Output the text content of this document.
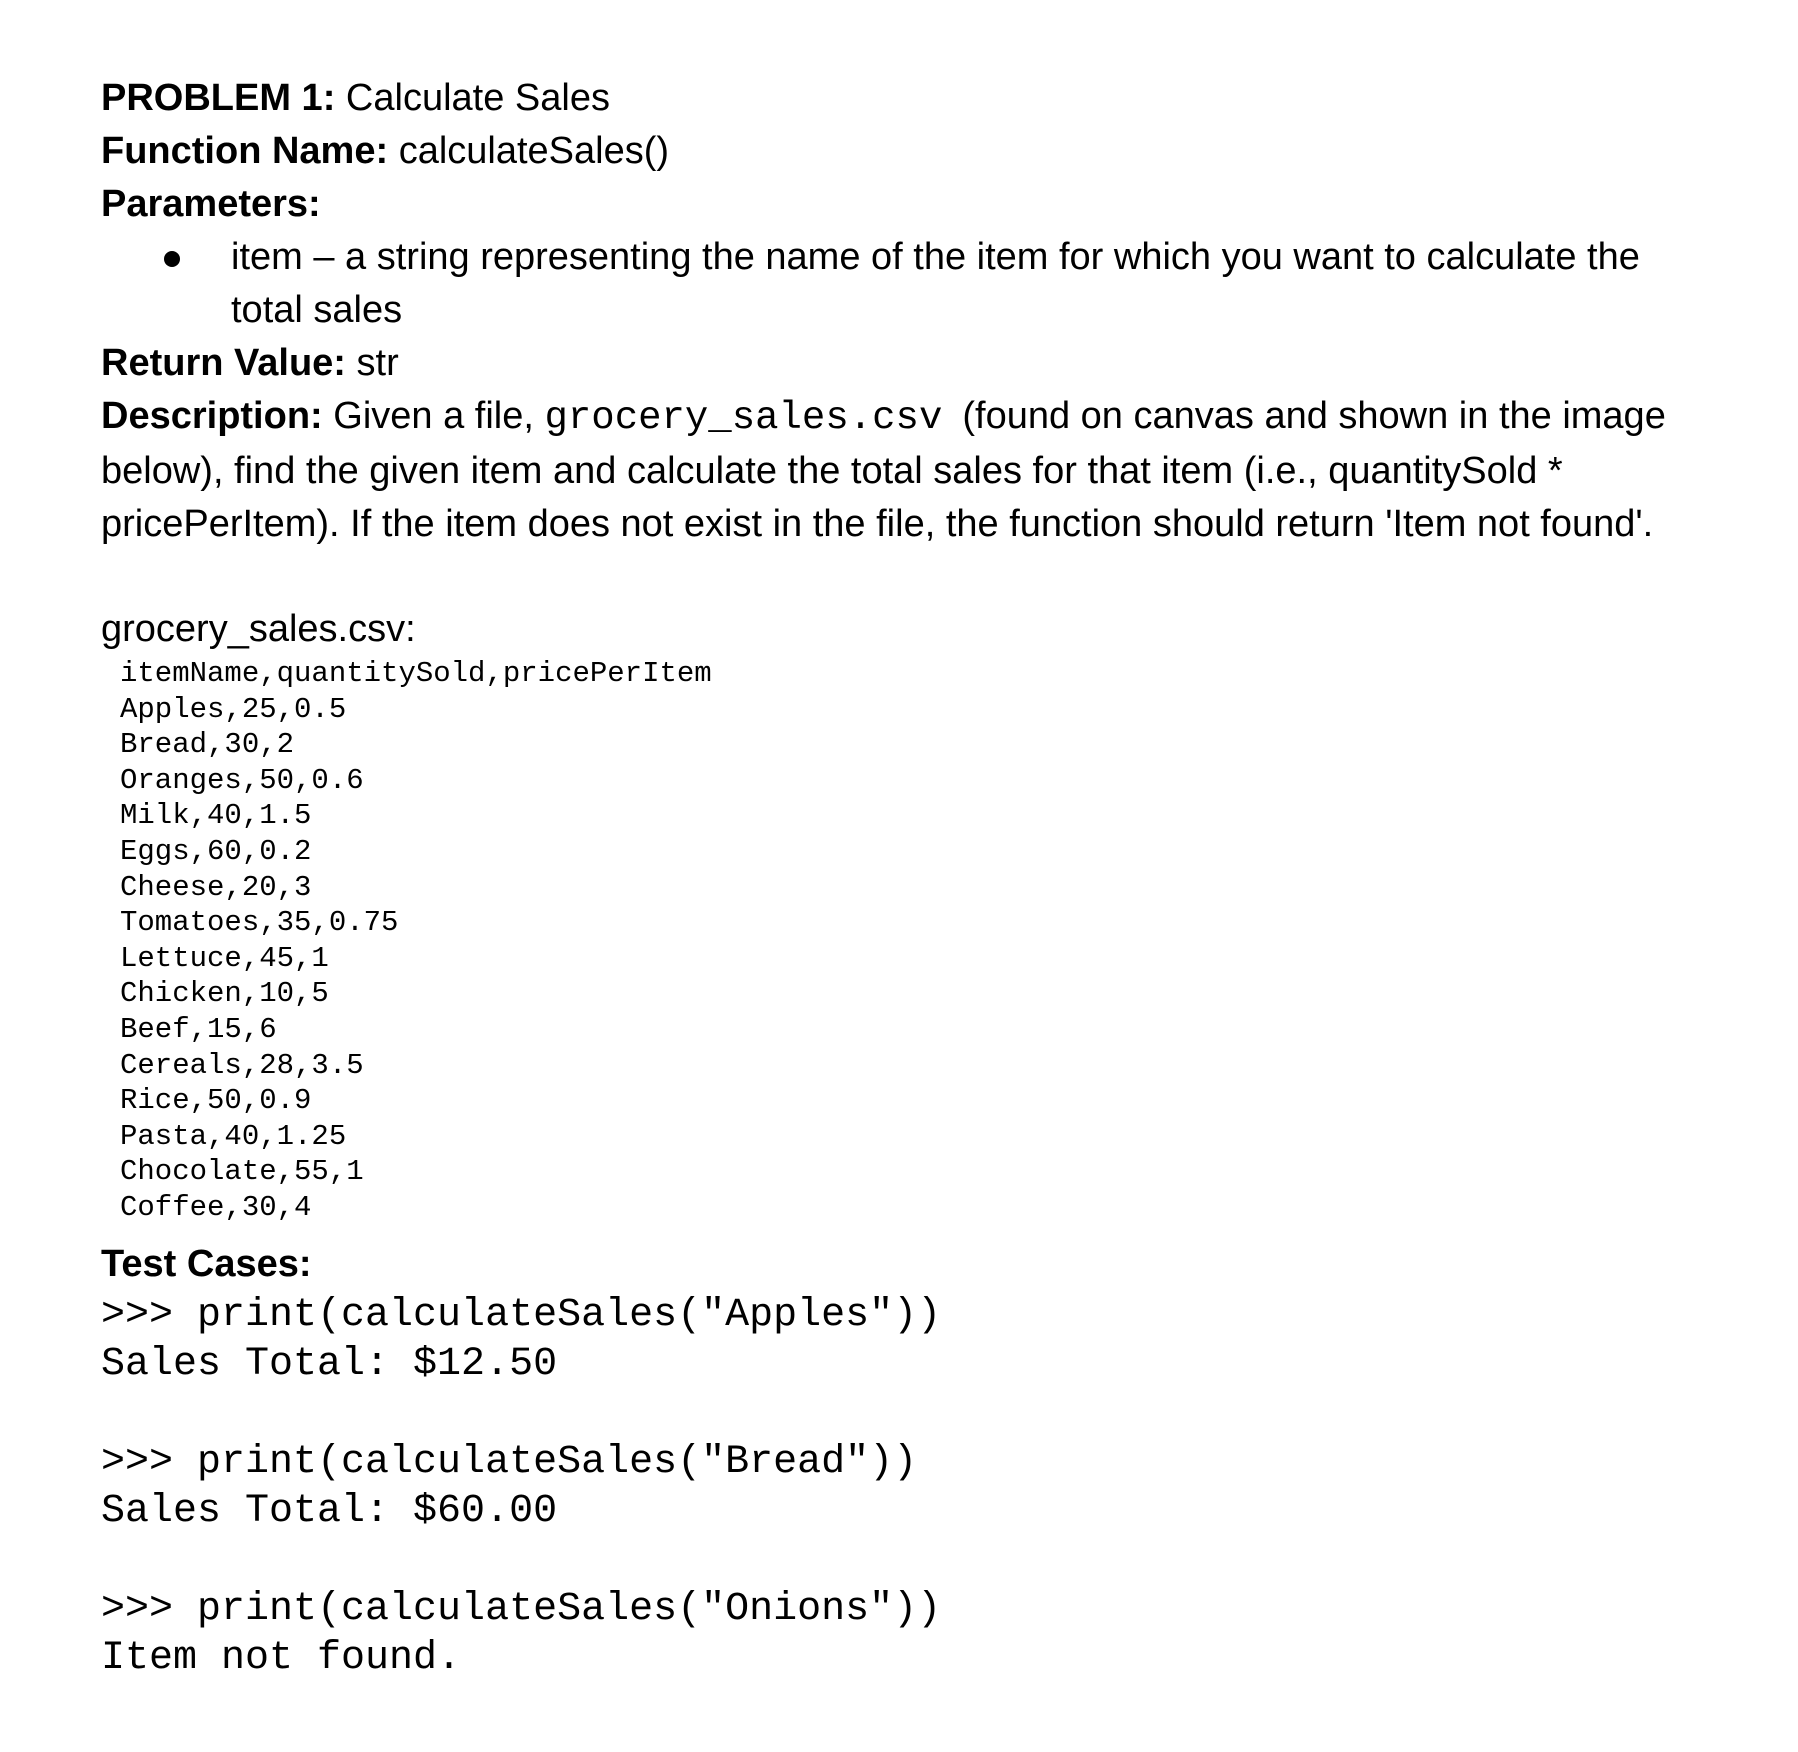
PROBLEM 1: Calculate Sales
Function Name: calculateSales()
Parameters:
item – a string representing the name of the item for which you want to calculate the
total sales
Return Value: str
Description: Given a file, grocery_sales.csv (found on canvas and shown in the image below), find the given item and calculate the total sales for that item (i.e., quantitySold * pricePerItem). If the item does not exist in the file, the function should return 'Item not found'.
grocery_sales.csv:
itemName,quantitySold,pricePerItem
Apples,25,0.5
Bread,30,2
Oranges,50,0.6
Milk,40,1.5
Eggs,60,0.2
Cheese,20,3
Tomatoes,35,0.75
Lettuce,45,1
Chicken,10,5
Beef,15,6
Cereals,28,3.5
Rice,50,0.9
Pasta,40,1.25
Chocolate,55,1
Coffee,30,4
Test Cases:
>>> print(calculateSales("Apples"))
Sales Total: $12.50
>>> print(calculateSales("Bread"))
Sales Total: $60.00
>>> print(calculateSales("Onions"))
Item not found.
